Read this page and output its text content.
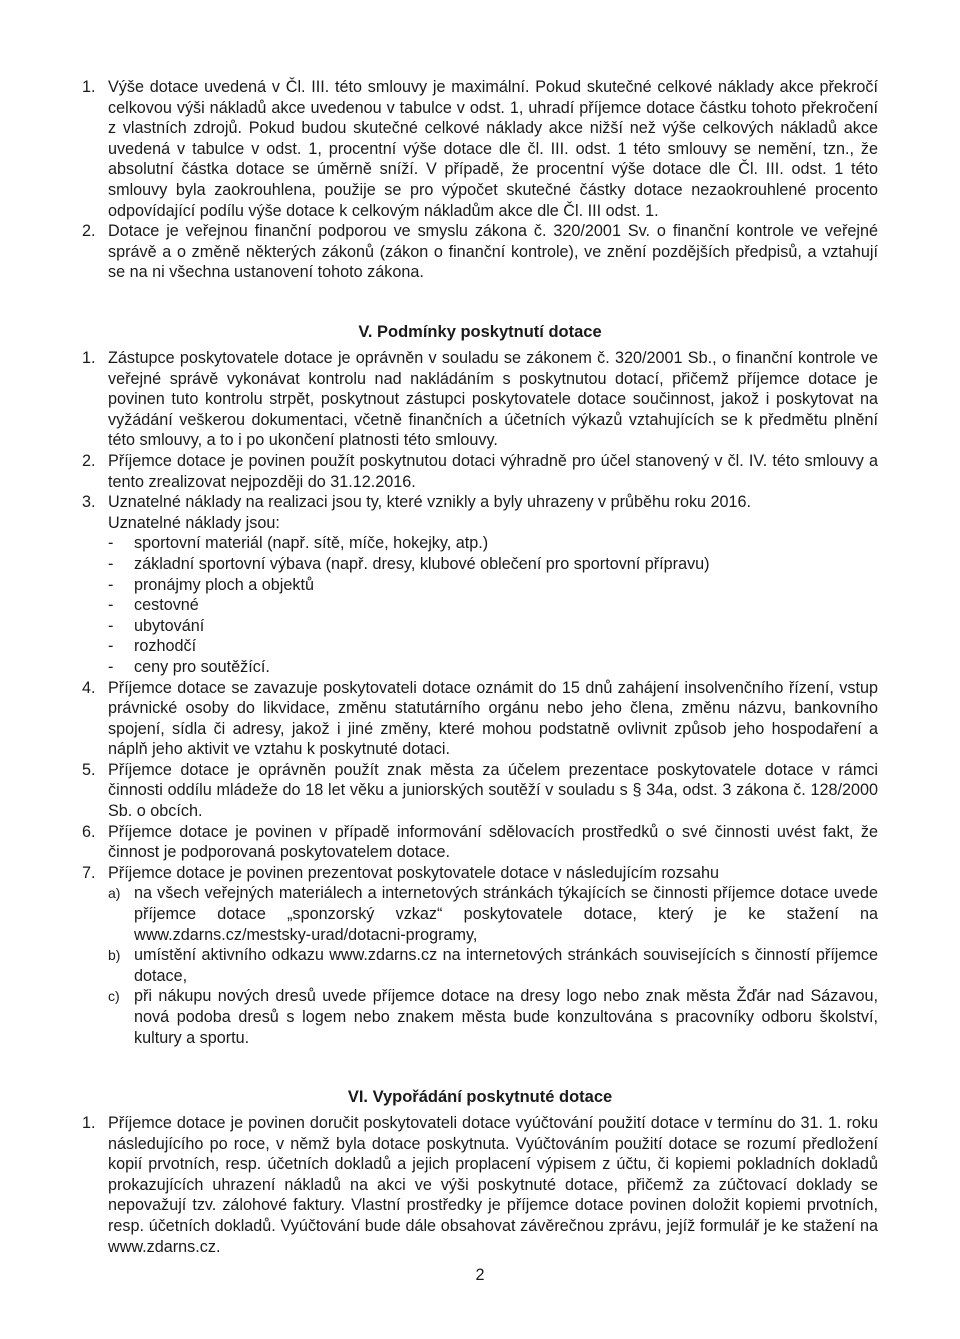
1. Výše dotace uvedená v Čl. III. této smlouvy je maximální. Pokud skutečné celkové náklady akce překročí celkovou výši nákladů akce uvedenou v tabulce v odst. 1, uhradí příjemce dotace částku tohoto překročení z vlastních zdrojů. Pokud budou skutečné celkové náklady akce nižší než výše celkových nákladů akce uvedená v tabulce v odst. 1, procentní výše dotace dle čl. III. odst. 1 této smlouvy se nemění, tzn., že absolutní částka dotace se úměrně sníží. V případě, že procentní výše dotace dle Čl. III. odst. 1 této smlouvy byla zaokrouhlena, použije se pro výpočet skutečné částky dotace nezaokrouhlené procento odpovídající podílu výše dotace k celkovým nákladům akce dle Čl. III odst. 1.
2. Dotace je veřejnou finanční podporou ve smyslu zákona č. 320/2001 Sv. o finanční kontrole ve veřejné správě a o změně některých zákonů (zákon o finanční kontrole), ve znění pozdějších předpisů, a vztahují se na ni všechna ustanovení tohoto zákona.
V. Podmínky poskytnutí dotace
1. Zástupce poskytovatele dotace je oprávněn v souladu se zákonem č. 320/2001 Sb., o finanční kontrole ve veřejné správě vykonávat kontrolu nad nakládáním s poskytnutou dotací, přičemž příjemce dotace je povinen tuto kontrolu strpět, poskytnout zástupci poskytovatele dotace součinnost, jakož i poskytovat na vyžádání veškerou dokumentaci, včetně finančních a účetních výkazů vztahujících se k předmětu plnění této smlouvy, a to i po ukončení platnosti této smlouvy.
2. Příjemce dotace je povinen použít poskytnutou dotaci výhradně pro účel stanovený v čl. IV. této smlouvy a tento zrealizovat nejpozději do 31.12.2016.
3. Uznatelné náklady na realizaci jsou ty, které vznikly a byly uhrazeny v průběhu roku 2016.
Uznatelné náklady jsou:
- sportovní materiál (např. sítě, míče, hokejky, atp.)
- základní sportovní výbava (např. dresy, klubové oblečení pro sportovní přípravu)
- pronájmy ploch a objektů
- cestovné
- ubytování
- rozhodčí
- ceny pro soutěžící.
4. Příjemce dotace se zavazuje poskytovateli dotace oznámit do 15 dnů zahájení insolvenčního řízení, vstup právnické osoby do likvidace, změnu statutárního orgánu nebo jeho člena, změnu názvu, bankovního spojení, sídla či adresy, jakož i jiné změny, které mohou podstatně ovlivnit způsob jeho hospodaření a náplň jeho aktivit ve vztahu k poskytnuté dotaci.
5. Příjemce dotace je oprávněn použít znak města za účelem prezentace poskytovatele dotace v rámci činnosti oddílu mládeže do 18 let věku a juniorských soutěží v souladu s § 34a, odst. 3 zákona č. 128/2000 Sb. o obcích.
6. Příjemce dotace je povinen v případě informování sdělovacích prostředků o své činnosti uvést fakt, že činnost je podporovaná poskytovatelem dotace.
7. Příjemce dotace je povinen prezentovat poskytovatele dotace v následujícím rozsahu
a) na všech veřejných materiálech a internetových stránkách týkajících se činnosti příjemce dotace uvede příjemce dotace „sponzorský vzkaz“ poskytovatele dotace, který je ke stažení na www.zdarns.cz/mestsky-urad/dotacni-programy,
b) umístění aktivního odkazu www.zdarns.cz na internetových stránkách souvisejících s činností příjemce dotace,
c) při nákupu nových dresů uvede příjemce dotace na dresy logo nebo znak města Žďár nad Sázavou, nová podoba dresů s logem nebo znakem města bude konzultována s pracovníky odboru školství, kultury a sportu.
VI. Vypořádání poskytnuté dotace
1. Příjemce dotace je povinen doručit poskytovateli dotace vyúčtování použití dotace v termínu do 31. 1. roku následujícího po roce, v němž byla dotace poskytnuta. Vyúčtováním použití dotace se rozumí předložení kopií prvotních, resp. účetních dokladů a jejich proplacení výpisem z účtu, či kopiemi pokladních dokladů prokazujících uhrazení nákladů na akci ve výši poskytnuté dotace, přičemž za zúčtovací doklady se nepovažují tzv. zálohové faktury. Vlastní prostředky je příjemce dotace povinen doložit kopiemi prvotních, resp. účetních dokladů. Vyúčtování bude dále obsahovat závěrečnou zprávu, jejíž formulář je ke stažení na www.zdarns.cz.
2
